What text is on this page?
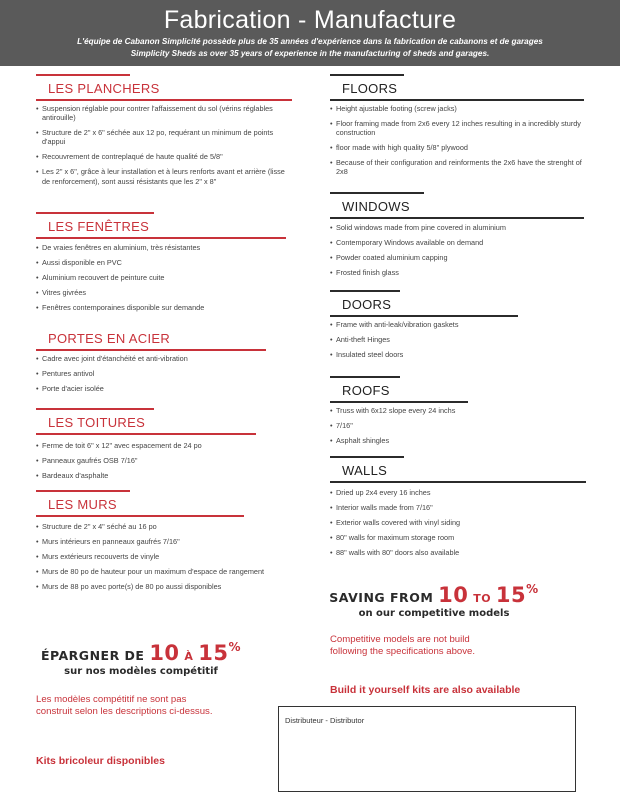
Fabrication - Manufacture
L'équipe de Cabanon Simplicité possède plus de 35 années d'expérience dans la fabrication de cabanons et de garages
Simplicity Sheds as over 35 years of experience in the manufacturing of sheds and garages.
LES PLANCHERS
• Suspension réglable pour contrer l'affaissement du sol (vérins réglables antirouille)
• Structure de 2" x 6" séchée aux 12 po, requérant un minimum de points d'appui
• Recouvrement de contreplaqué de haute qualité de 5/8"
• Les 2" x 6", grâce à leur installation et à leurs renforts avant et arrière (lisse de renforcement), sont aussi résistants que les 2" x 8"
LES FENÊTRES
• De vraies fenêtres en aluminium, très résistantes
• Aussi disponible en PVC
• Aluminium recouvert de peinture cuite
• Vitres givrées
• Fenêtres contemporaines disponible sur demande
PORTES EN ACIER
• Cadre avec joint d'étanchéité et anti-vibration
• Pentures antivol
• Porte d'acier isolée
LES TOITURES
• Ferme de toit 6" x 12" avec espacement de 24 po
• Panneaux gaufrés OSB 7/16"
• Bardeaux d'asphalte
LES MURS
• Structure de 2" x 4" séché au 16 po
• Murs intérieurs en panneaux gaufrés 7/16"
• Murs extérieurs recouverts de vinyle
• Murs de 80 po de hauteur pour un maximum d'espace de rangement
• Murs de 88 po avec porte(s) de 80 po aussi disponibles
ÉPARGNER DE 10 À 15%
sur nos modèles compétitif
Les modèles compétitif ne sont pas construit selon les descriptions ci-dessus.
Kits bricoleur disponibles
FLOORS
• Height ajustable footing (screw jacks)
• Floor framing made from 2x6 every 12 inches resulting in a incredibly sturdy construction
• floor made with high quality 5/8" plywood
• Because of their configuration and reinforments the 2x6 have the strenght of 2x8
WINDOWS
• Solid windows made from pine covered in aluminium
• Contemporary Windows available on demand
• Powder coated aluminium capping
• Frosted finish glass
DOORS
• Frame with anti-leak/vibration gaskets
• Anti-theft Hinges
• Insulated steel doors
ROOFS
• Truss with 6x12 slope every 24 inchs
• 7/16"
• Asphalt shingles
WALLS
• Dried up 2x4 every 16 inches
• Interior walls made from 7/16"
• Exterior walls covered with vinyl siding
• 80" walls for maximum storage room
• 88" walls with 80" doors also available
SAVING FROM 10 TO 15%
on our competitive models
Competitive models are not build following the specifications above.
Build it yourself kits are also available
Distributeur - Distributor
